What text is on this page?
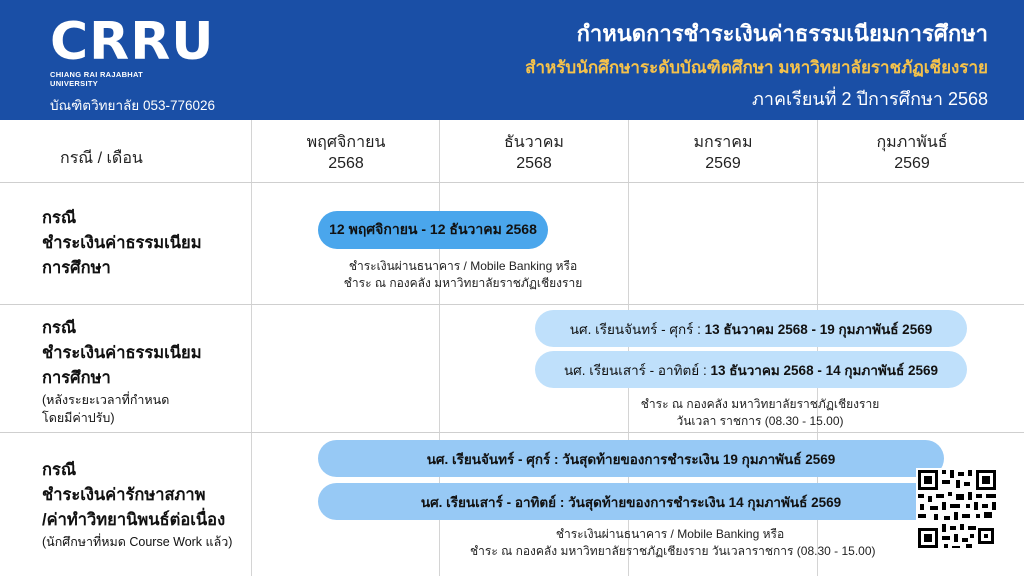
CRRU
CHIANG RAI RAJABHAT UNIVERSITY
บัณฑิตวิทยาลัย 053-776026
กำหนดการชำระเงินค่าธรรมเนียมการศึกษา
สำหรับนักศึกษาระดับบัณฑิตศึกษา มหาวิทยาลัยราชภัฏเชียงราย
ภาคเรียนที่ 2 ปีการศึกษา 2568
กรณี / เดือน
พฤศจิกายน
2568
ธันวาคม
2568
มกราคม
2569
กุมภาพันธ์
2569
กรณี
ชำระเงินค่าธรรมเนียม
การศึกษา
12 พฤศจิกายน - 12 ธันวาคม 2568
ชำระเงินผ่านธนาคาร / Mobile Banking หรือ
ชำระ ณ กองคลัง มหาวิทยาลัยราชภัฏเชียงราย
กรณี
ชำระเงินค่าธรรมเนียม
การศึกษา
(หลังระยะเวลาที่กำหนด
โดยมีค่าปรับ)
นศ. เรียนจันทร์ - ศุกร์ :
13 ธันวาคม 2568 - 19 กุมภาพันธ์ 2569
นศ. เรียนเสาร์ - อาทิตย์ :
13 ธันวาคม 2568 - 14 กุมภาพันธ์ 2569
ชำระ ณ กองคลัง มหาวิทยาลัยราชภัฏเชียงราย
วันเวลา ราชการ (08.30 - 15.00)
กรณี
ชำระเงินค่ารักษาสภาพ
/ค่าทำวิทยานิพนธ์ต่อเนื่อง
(นักศึกษาที่หมด Course Work แล้ว)
นศ. เรียนจันทร์ - ศุกร์ : วันสุดท้ายของการชำระเงิน 19 กุมภาพันธ์ 2569
นศ. เรียนเสาร์ - อาทิตย์ : วันสุดท้ายของการชำระเงิน 14 กุมภาพันธ์ 2569
ชำระเงินผ่านธนาคาร / Mobile Banking หรือ
ชำระ ณ กองคลัง มหาวิทยาลัยราชภัฏเชียงราย วันเวลาราชการ (08.30 - 15.00)
